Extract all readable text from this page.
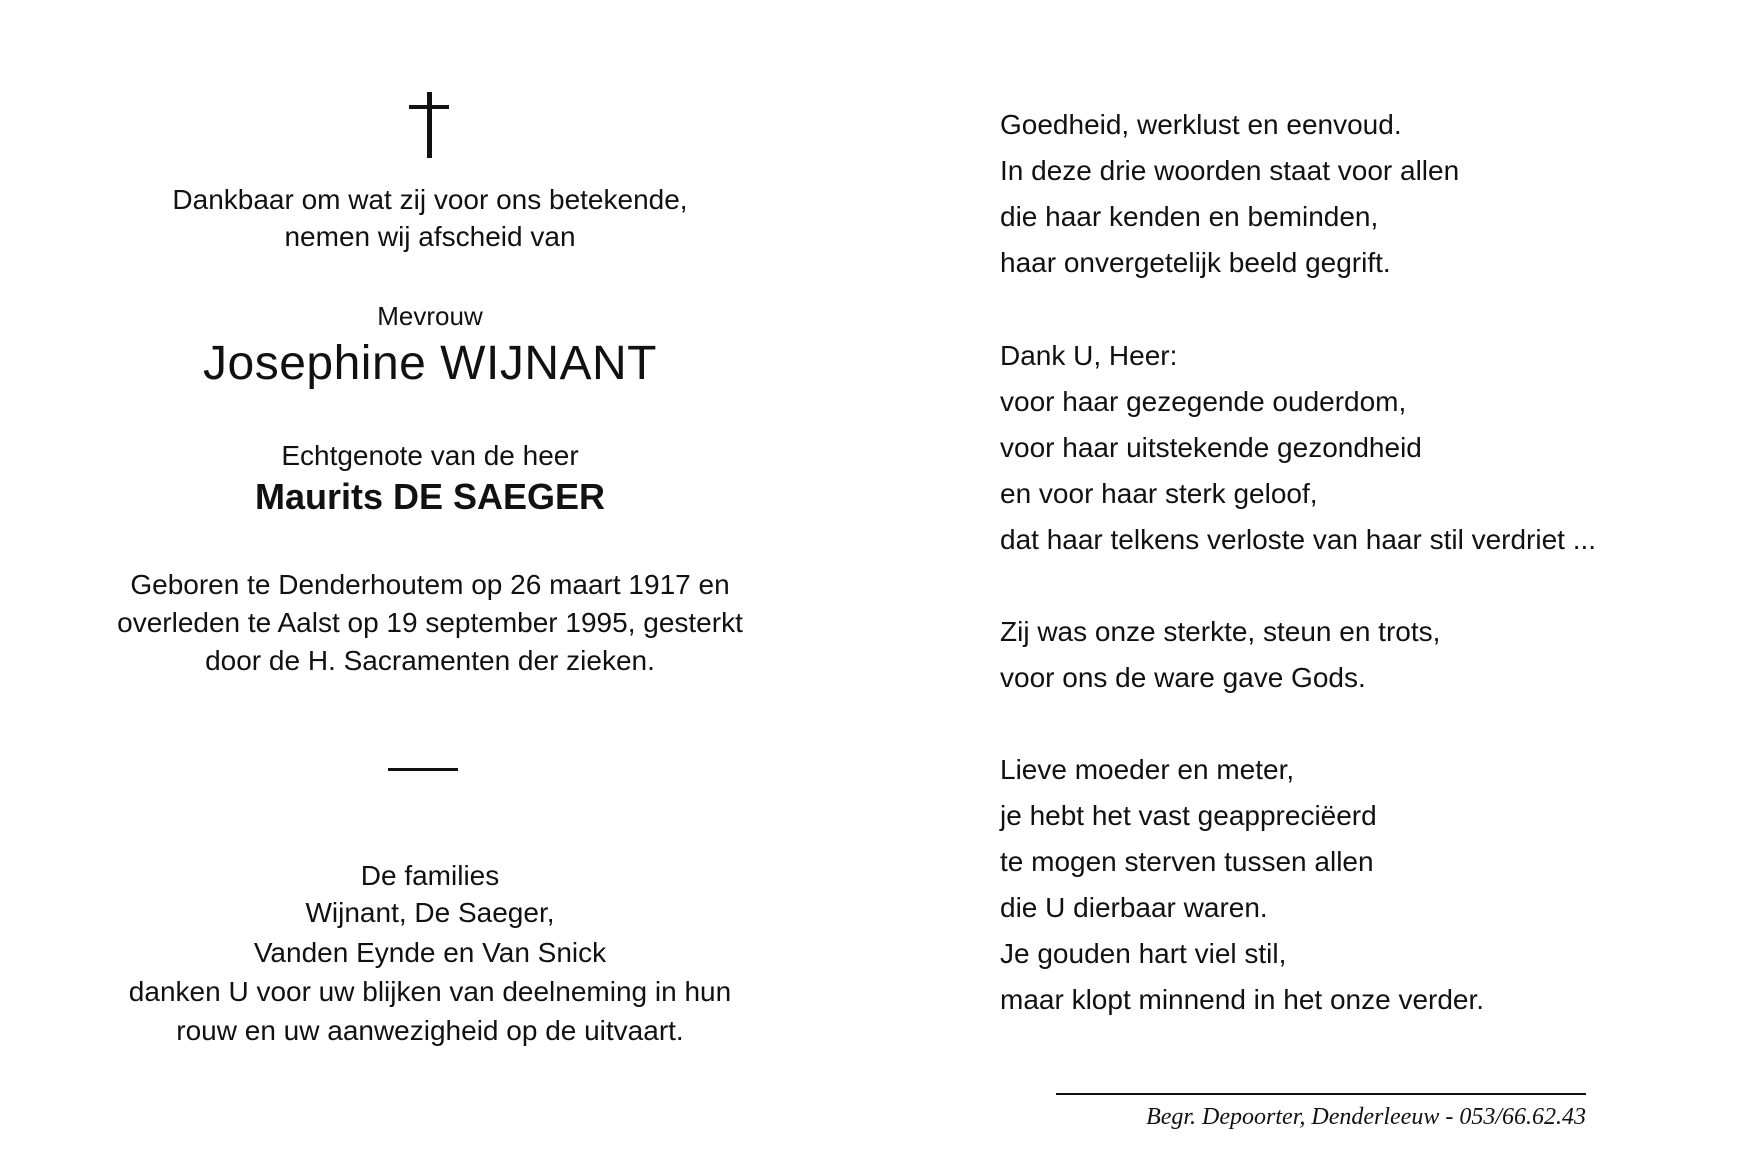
Dankbaar om wat zij voor ons betekende,
nemen wij afscheid van
Mevrouw
Josephine WIJNANT
Echtgenote van de heer
Maurits DE SAEGER
Geboren te Denderhoutem op 26 maart 1917 en
overleden te Aalst op 19 september 1995, gesterkt
door de H. Sacramenten der zieken.
De families
Wijnant, De Saeger,
Vanden Eynde en Van Snick
danken U voor uw blijken van deelneming in hun
rouw en uw aanwezigheid op de uitvaart.
Goedheid, werklust en eenvoud.
In deze drie woorden staat voor allen
die haar kenden en beminden,
haar onvergetelijk beeld gegrift.
Dank U, Heer:
voor haar gezegende ouderdom,
voor haar uitstekende gezondheid
en voor haar sterk geloof,
dat haar telkens verloste van haar stil verdriet ...
Zij was onze sterkte, steun en trots,
voor ons de ware gave Gods.
Lieve moeder en meter,
je hebt het vast geappreciëerd
te mogen sterven tussen allen
die U dierbaar waren.
Je gouden hart viel stil,
maar klopt minnend in het onze verder.
Begr. Depoorter, Denderleeuw - 053/66.62.43
